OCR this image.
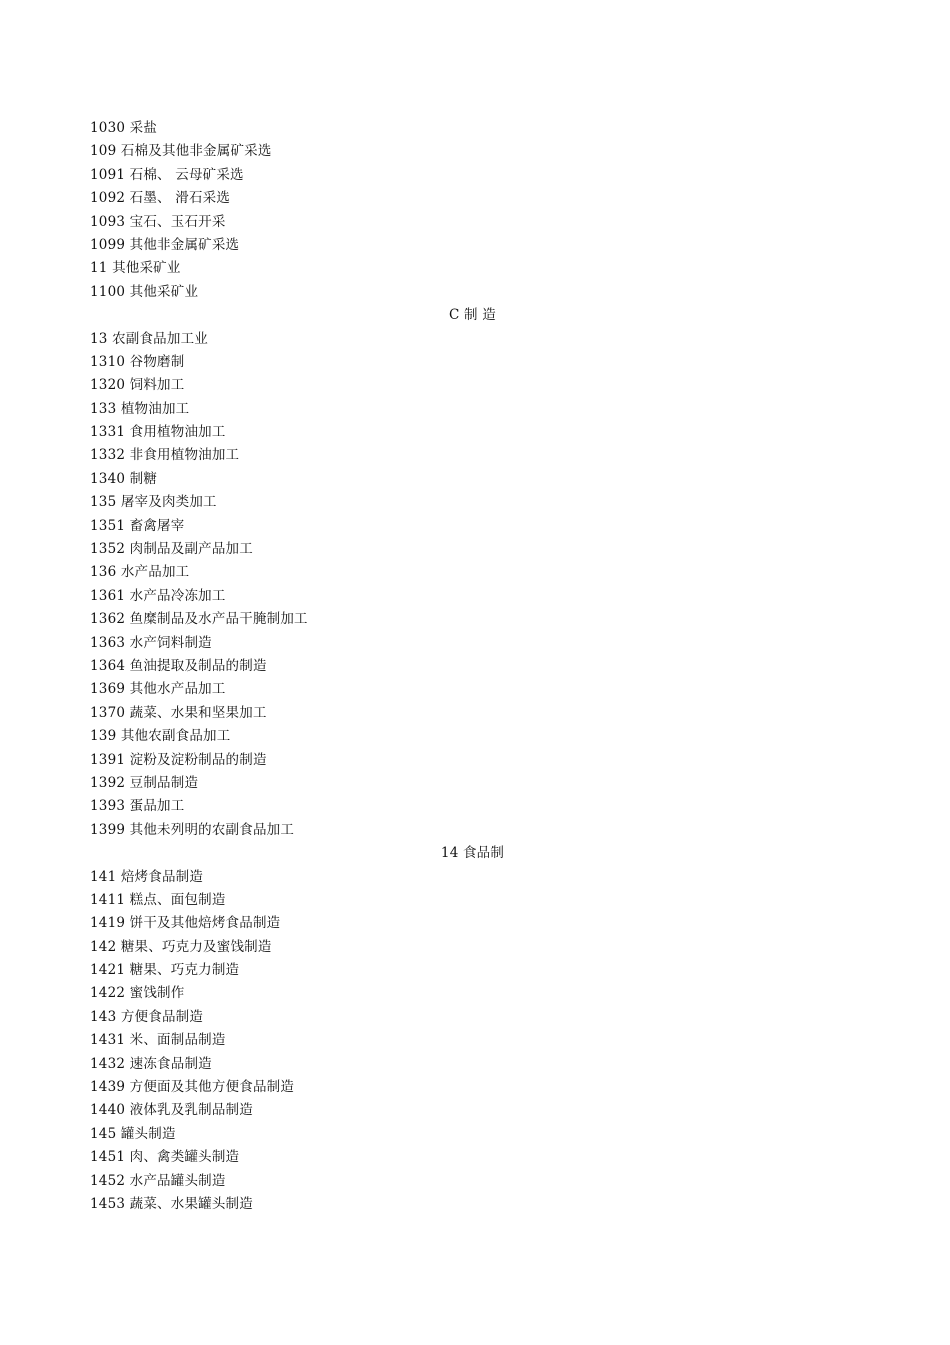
1030 采盐
109 石棉及其他非金属矿采选
1091 石棉、 云母矿采选
1092 石墨、 滑石采选
1093 宝石、玉石开采
1099 其他非金属矿采选
11 其他采矿业
1100 其他采矿业
C 制 造
13 农副食品加工业
1310 谷物磨制
1320 饲料加工
133 植物油加工
1331 食用植物油加工
1332 非食用植物油加工
1340 制糖
135 屠宰及肉类加工
1351 畜禽屠宰
1352 肉制品及副产品加工
136 水产品加工
1361 水产品冷冻加工
1362 鱼糜制品及水产品干腌制加工
1363 水产饲料制造
1364 鱼油提取及制品的制造
1369 其他水产品加工
1370 蔬菜、水果和坚果加工
139 其他农副食品加工
1391 淀粉及淀粉制品的制造
1392 豆制品制造
1393 蛋品加工
1399 其他未列明的农副食品加工
14 食品制
141 焙烤食品制造
1411 糕点、面包制造
1419 饼干及其他焙烤食品制造
142 糖果、巧克力及蜜饯制造
1421 糖果、巧克力制造
1422 蜜饯制作
143 方便食品制造
1431 米、面制品制造
1432 速冻食品制造
1439 方便面及其他方便食品制造
1440 液体乳及乳制品制造
145 罐头制造
1451 肉、禽类罐头制造
1452 水产品罐头制造
1453 蔬菜、水果罐头制造
